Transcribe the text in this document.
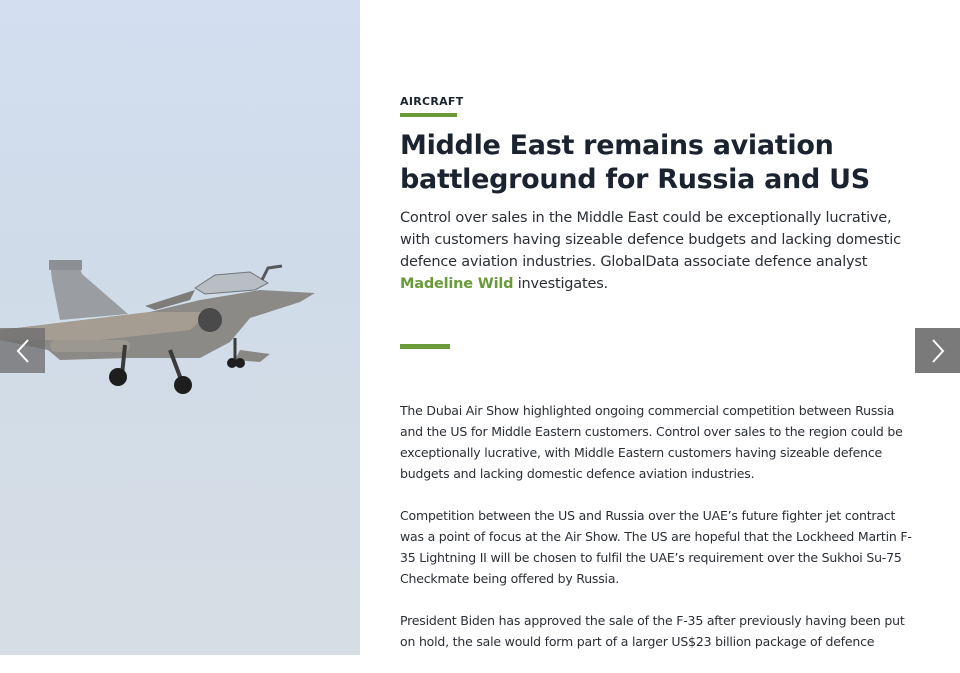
AIRCRAFT
Middle East remains aviation battleground for Russia and US

Control over sales in the Middle East could be exceptionally lucrative, with customers having sizeable defence budgets and lacking domestic defence aviation industries. GlobalData associate defence analyst Madeline Wild investigates.

The Dubai Air Show highlighted ongoing commercial competition between Russia and the US for Middle Eastern customers. Control over sales to the region could be exceptionally lucrative, with Middle Eastern customers having sizeable defence budgets and lacking domestic defence aviation industries.

Competition between the US and Russia over the UAE’s future fighter jet contract was a point of focus at the Air Show. The US are hopeful that the Lockheed Martin F-35 Lightning II will be chosen to fulfil the UAE’s requirement over the Sukhoi Su-75 Checkmate being offered by Russia.

President Biden has approved the sale of the F-35 after previously having been put on hold, the sale would form part of a larger US$23 billion package of defence
